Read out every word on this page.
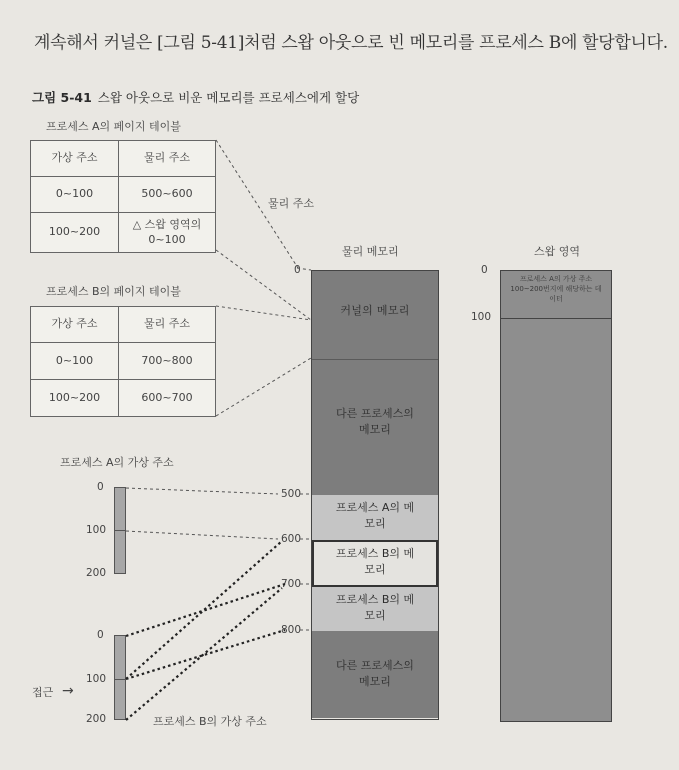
계속해서 커널은 [그림 5-41]처럼 스왑 아웃으로 빈 메모리를 프로세스 B에 할당합니다.
그림 5-41 스왑 아웃으로 비운 메모리를 프로세스에게 할당
프로세스 A의 페이지 테이블
가상 주소	물리 주소
0~100	500~600
100~200	△ 스왑 영역의 0~100
프로세스 B의 페이지 테이블
가상 주소	물리 주소
0~100	700~800
100~200	600~700
물리 주소
물리 메모리
커널의 메모리
다른 프로세스의 메모리
프로세스 A의 메모리
프로세스 B의 메모리
프로세스 B의 메모리
다른 프로세스의 메모리
0
500
600
700
800
스왑 영역
0
100
프로세스 A의 가상 주소 100~200번지에 해당하는 데이터
프로세스 A의 가상 주소
0
100
200
0
100
200
접근 →
프로세스 B의 가상 주소
